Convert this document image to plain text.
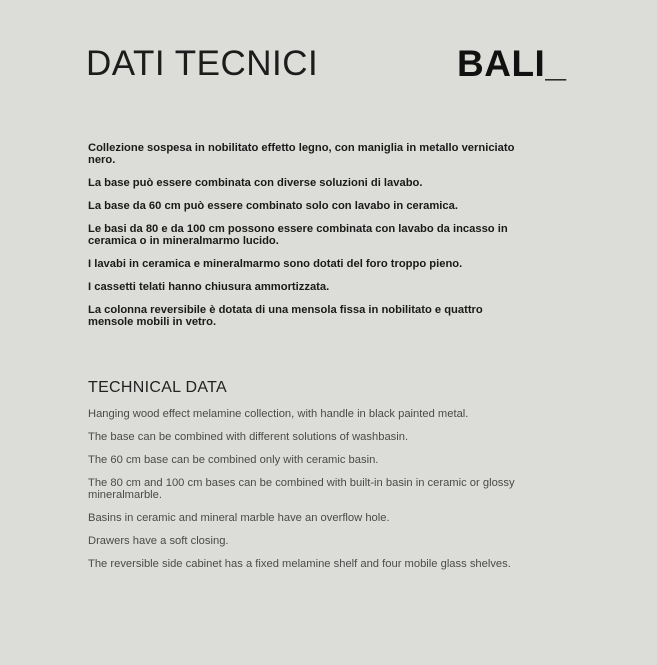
DATI TECNICI	BALI_

Collezione sospesa in nobilitato effetto legno, con maniglia in metallo verniciato nero.

La base può essere combinata con diverse soluzioni di lavabo.

La base da 60 cm può essere combinato solo con lavabo in ceramica.

Le basi da 80 e da 100 cm possono essere combinata con lavabo da incasso in ceramica o in mineralmarmo lucido.

I lavabi in ceramica e mineralmarmo sono dotati del foro troppo pieno.

I cassetti telati hanno chiusura ammortizzata.

La colonna reversibile è dotata di una mensola fissa in nobilitato e quattro mensole mobili in vetro.

TECHNICAL DATA

Hanging wood effect melamine collection, with handle in black painted metal.

The base can be combined with different solutions of washbasin.

The 60 cm base can be combined only with ceramic basin.

The 80 cm and 100 cm bases can be combined with built-in basin in ceramic or glossy mineralmarble.

Basins in ceramic and mineral marble have an overflow hole.

Drawers have a soft closing.

The reversible side cabinet has a fixed melamine shelf and four mobile glass shelves.
